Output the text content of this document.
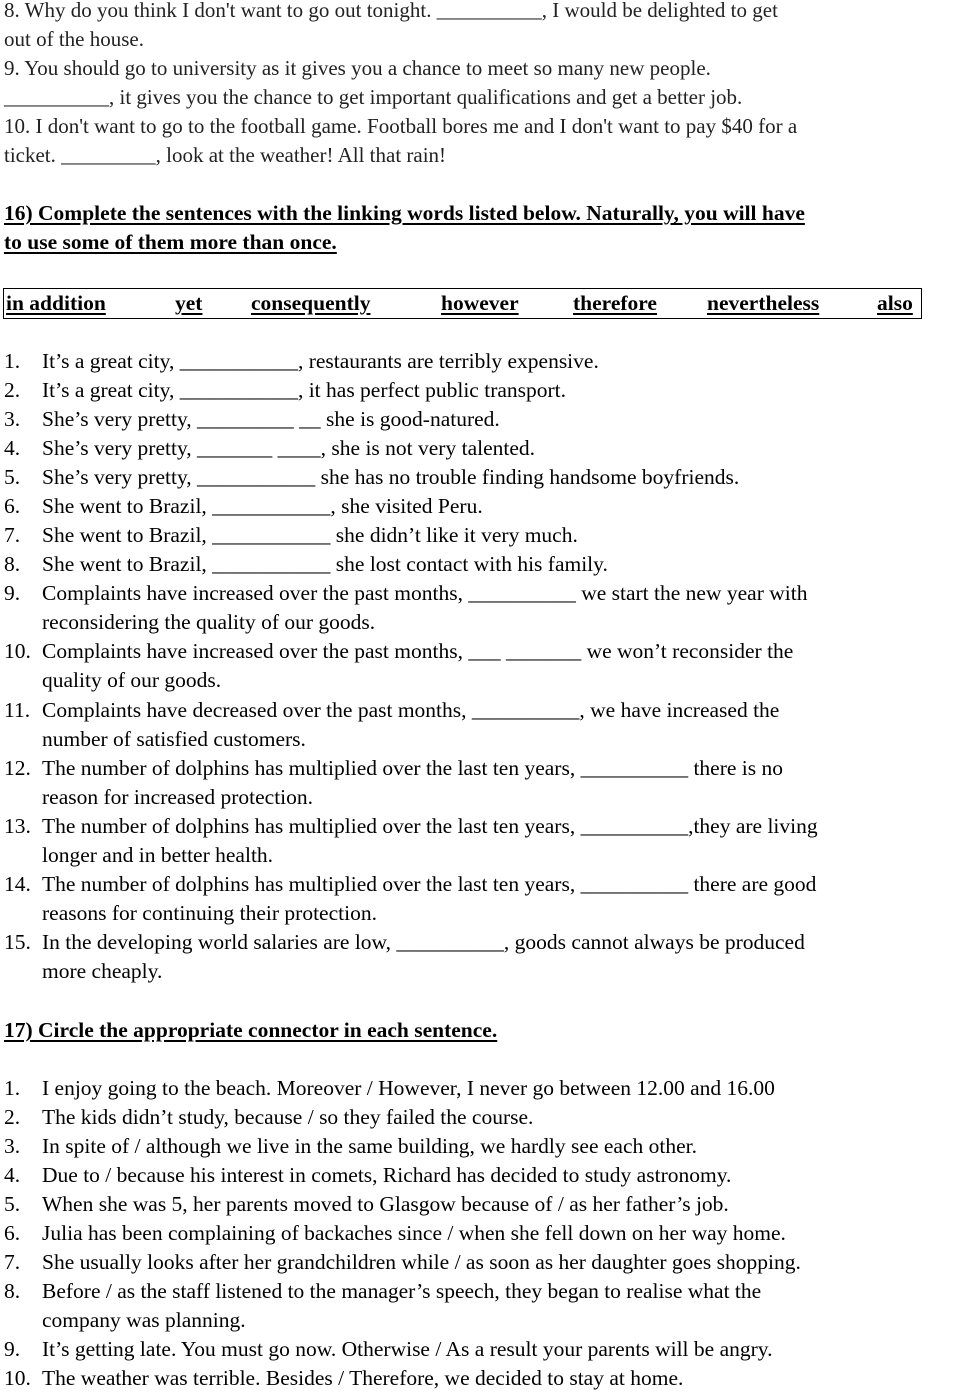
8. Why do you think I don't want to go out tonight. __________, I would be delighted to get
out of the house.
9. You should go to university as it gives you a chance to meet so many new people.
__________, it gives you the chance to get important qualifications and get a better job.
10. I don't want to go to the football game. Football bores me and I don't want to pay $40 for a
ticket. _________, look at the weather! All that rain!
16) Complete the sentences with the linking words listed below. Naturally, you will have
to use some of them more than once.
in addition	yet consequently	however	therefore nevertheless	also
1. It’s a great city, ___________, restaurants are terribly expensive.
2. It’s a great city, ___________, it has perfect public transport.
3. She’s very pretty, _________ __ she is good-natured.
4. She’s very pretty, _______ ____, she is not very talented.
5. She’s very pretty, ___________ she has no trouble finding handsome boyfriends.
6. She went to Brazil, ___________, she visited Peru.
7. She went to Brazil, ___________ she didn’t like it very much.
8. She went to Brazil, ___________ she lost contact with his family.
9. Complaints have increased over the past months, __________ we start the new year with
reconsidering the quality of our goods.
10. Complaints have increased over the past months, ___ _______ we won’t reconsider the
quality of our goods.
11. Complaints have decreased over the past months, __________, we have increased the
number of satisfied customers.
12. The number of dolphins has multiplied over the last ten years, __________ there is no
reason for increased protection.
13. The number of dolphins has multiplied over the last ten years, __________,they are living
longer and in better health.
14. The number of dolphins has multiplied over the last ten years, __________ there are good
reasons for continuing their protection.
15. In the developing world salaries are low, __________, goods cannot always be produced
more cheaply.
17) Circle the appropriate connector in each sentence.
1. I enjoy going to the beach. Moreover / However, I never go between 12.00 and 16.00
2. The kids didn’t study, because / so they failed the course.
3. In spite of / although we live in the same building, we hardly see each other.
4. Due to / because his interest in comets, Richard has decided to study astronomy.
5. When she was 5, her parents moved to Glasgow because of / as her father’s job.
6. Julia has been complaining of backaches since / when she fell down on her way home.
7. She usually looks after her grandchildren while / as soon as her daughter goes shopping.
8. Before / as the staff listened to the manager’s speech, they began to realise what the
company was planning.
9. It’s getting late. You must go now. Otherwise / As a result your parents will be angry.
10. The weather was terrible. Besides / Therefore, we decided to stay at home.
